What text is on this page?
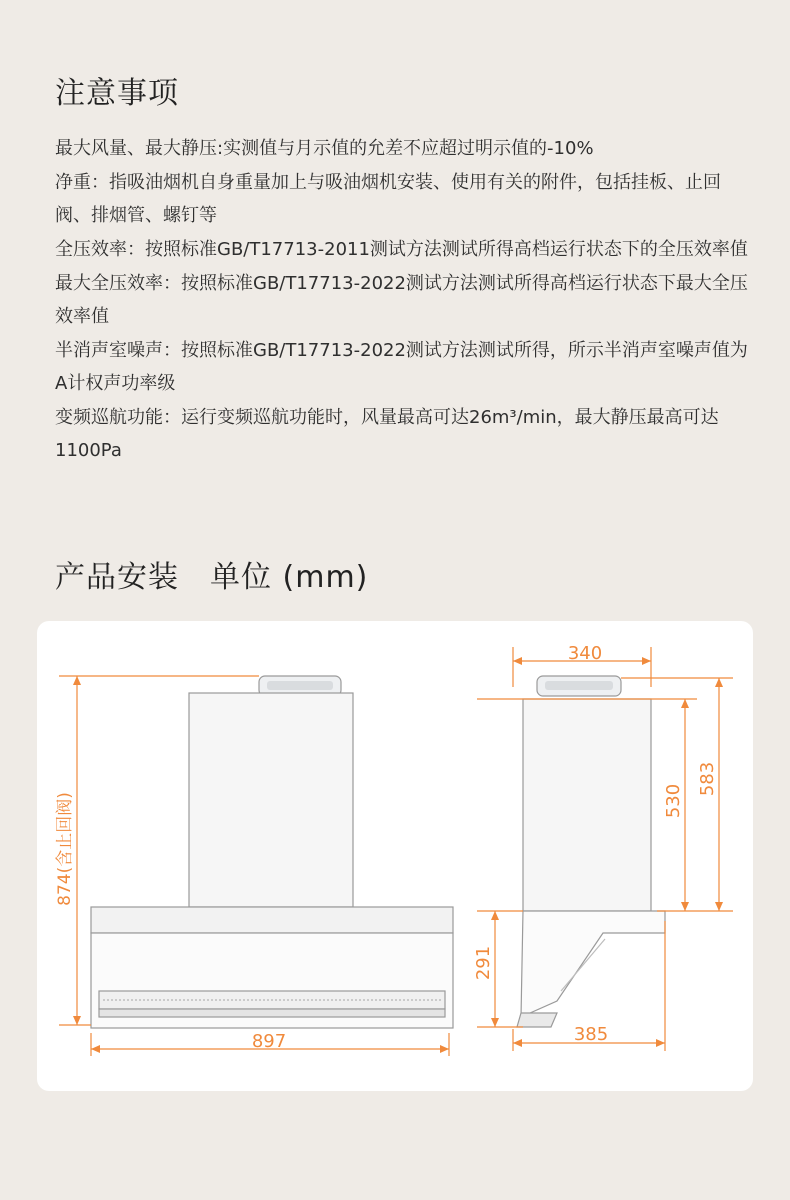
注意事项
最大风量、最大静压:实测值与月示值的允差不应超过明示值的-10%
净重：指吸油烟机自身重量加上与吸油烟机安装、使用有关的附件，包括挂板、止回阀、排烟管、螺钉等
全压效率：按照标准GB/T17713-2011测试方法测试所得高档运行状态下的全压效率值
最大全压效率：按照标准GB/T17713-2022测试方法测试所得高档运行状态下最大全压效率值
半消声室噪声：按照标准GB/T17713-2022测试方法测试所得，所示半消声室噪声值为A计权声功率级
变频巡航功能：运行变频巡航功能时，风量最高可达26m³/min，最大静压最高可达1100Pa
产品安装　单位 (mm)
874(含止回阀)
897
340
530
583
291
385
